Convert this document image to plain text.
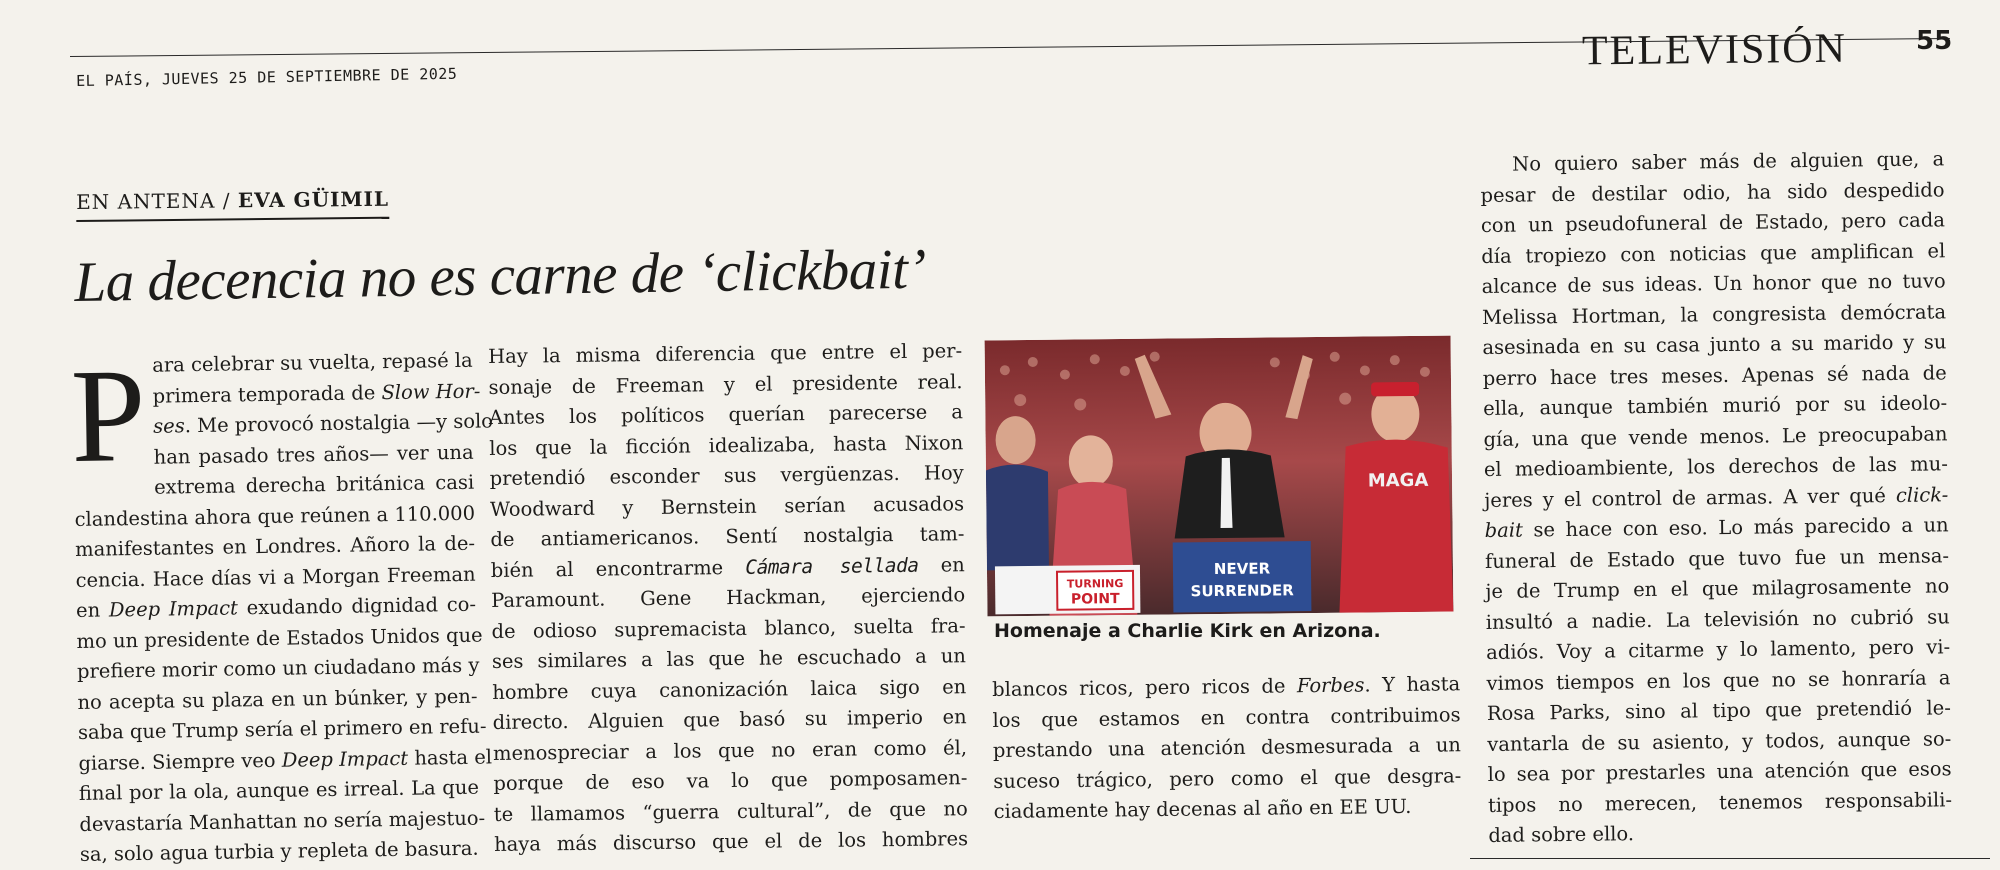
EL PAÍS, JUEVES 25 DE SEPTIEMBRE DE 2025
TELEVISIÓN	55
EN ANTENA / EVA GÜIMIL
La decencia no es carne de ‘clickbait’
P ara celebrar su vuelta, repasé la
primera temporada de Slow Hor-
ses. Me provocó nostalgia —y solo
han pasado tres años— ver una
extrema derecha británica casi
clandestina ahora que reúnen a 110.000
manifestantes en Londres. Añoro la de-
cencia. Hace días vi a Morgan Freeman
en Deep Impact exudando dignidad co-
mo un presidente de Estados Unidos que
prefiere morir como un ciudadano más y
no acepta su plaza en un búnker, y pen-
saba que Trump sería el primero en refu-
giarse. Siempre veo Deep Impact hasta el
final por la ola, aunque es irreal. La que
devastaría Manhattan no sería majestuo-
sa, solo agua turbia y repleta de basura.
Hay la misma diferencia que entre el per-
sonaje de Freeman y el presidente real.
Antes los políticos querían parecerse a
los que la ficción idealizaba, hasta Nixon
pretendió esconder sus vergüenzas. Hoy
Woodward y Bernstein serían acusados
de antiamericanos. Sentí nostalgia tam-
bién al encontrarme Cámara sellada en
Paramount. Gene Hackman, ejerciendo
de odioso supremacista blanco, suelta fra-
ses similares a las que he escuchado a un
hombre cuya canonización laica sigo en
directo. Alguien que basó su imperio en
menospreciar a los que no eran como él,
porque de eso va lo que pomposamen-
te llamamos “guerra cultural”, de que no
haya más discurso que el de los hombres
MAGA
TURNING
POINT
NEVER
SURRENDER
Homenaje a Charlie Kirk en Arizona.
blancos ricos, pero ricos de Forbes. Y hasta
los que estamos en contra contribuimos
prestando una atención desmesurada a un
suceso trágico, pero como el que desgra-
ciadamente hay decenas al año en EE UU.
No quiero saber más de alguien que, a
pesar de destilar odio, ha sido despedido
con un pseudofuneral de Estado, pero cada
día tropiezo con noticias que amplifican el
alcance de sus ideas. Un honor que no tuvo
Melissa Hortman, la congresista demócrata
asesinada en su casa junto a su marido y su
perro hace tres meses. Apenas sé nada de
ella, aunque también murió por su ideolo-
gía, una que vende menos. Le preocupaban
el medioambiente, los derechos de las mu-
jeres y el control de armas. A ver qué click-
bait se hace con eso. Lo más parecido a un
funeral de Estado que tuvo fue un mensa-
je de Trump en el que milagrosamente no
insultó a nadie. La televisión no cubrió su
adiós. Voy a citarme y lo lamento, pero vi-
vimos tiempos en los que no se honraría a
Rosa Parks, sino al tipo que pretendió le-
vantarla de su asiento, y todos, aunque so-
lo sea por prestarles una atención que esos
tipos no merecen, tenemos responsabili-
dad sobre ello.
